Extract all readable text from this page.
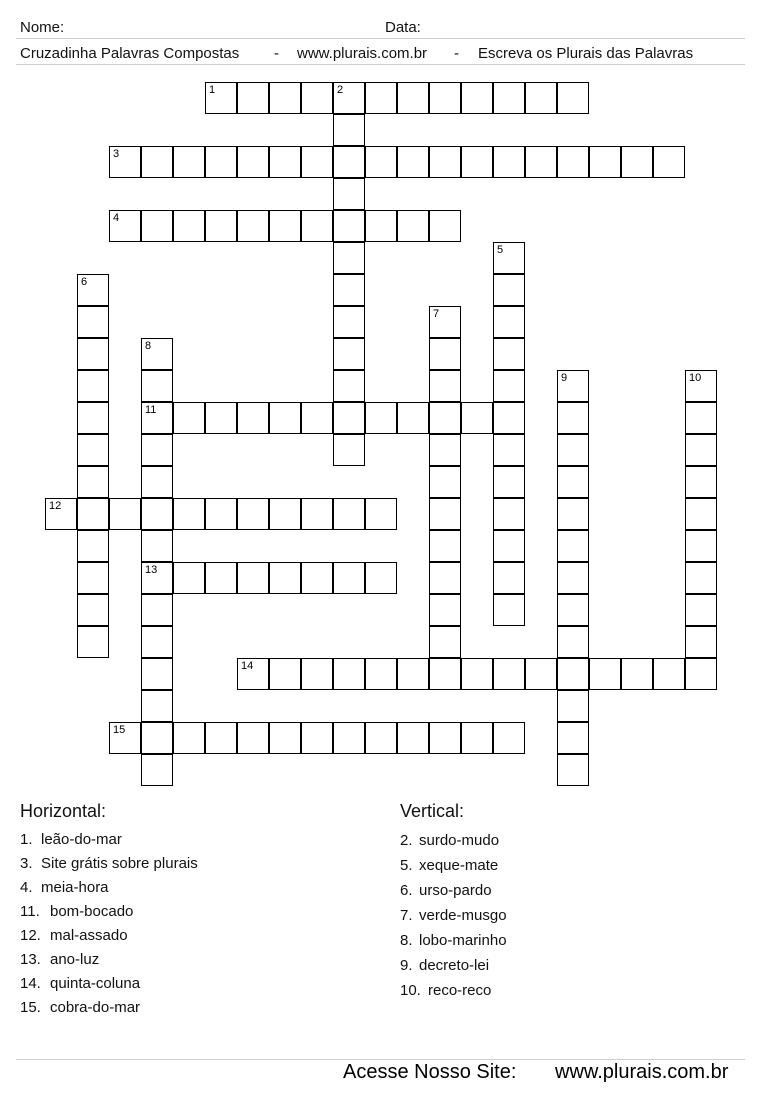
Nome:	Data:
Cruzadinha Palavras Compostas - www.plurais.com.br - Escreva os Plurais das Palavras
1	2
3
4
5
6
7
8
11
13
9	10
12
14
15
Horizontal:	Vertical:
1. leão-do-mar
3. Site grátis sobre plurais
4. meia-hora
11. bom-bocado
12. mal-assado
13. ano-luz
14. quinta-coluna
15. cobra-do-mar
2. surdo-mudo
5. xeque-mate
6. urso-pardo
7. verde-musgo
8. lobo-marinho
9. decreto-lei
10. reco-reco
Acesse Nosso Site: www.plurais.com.br
